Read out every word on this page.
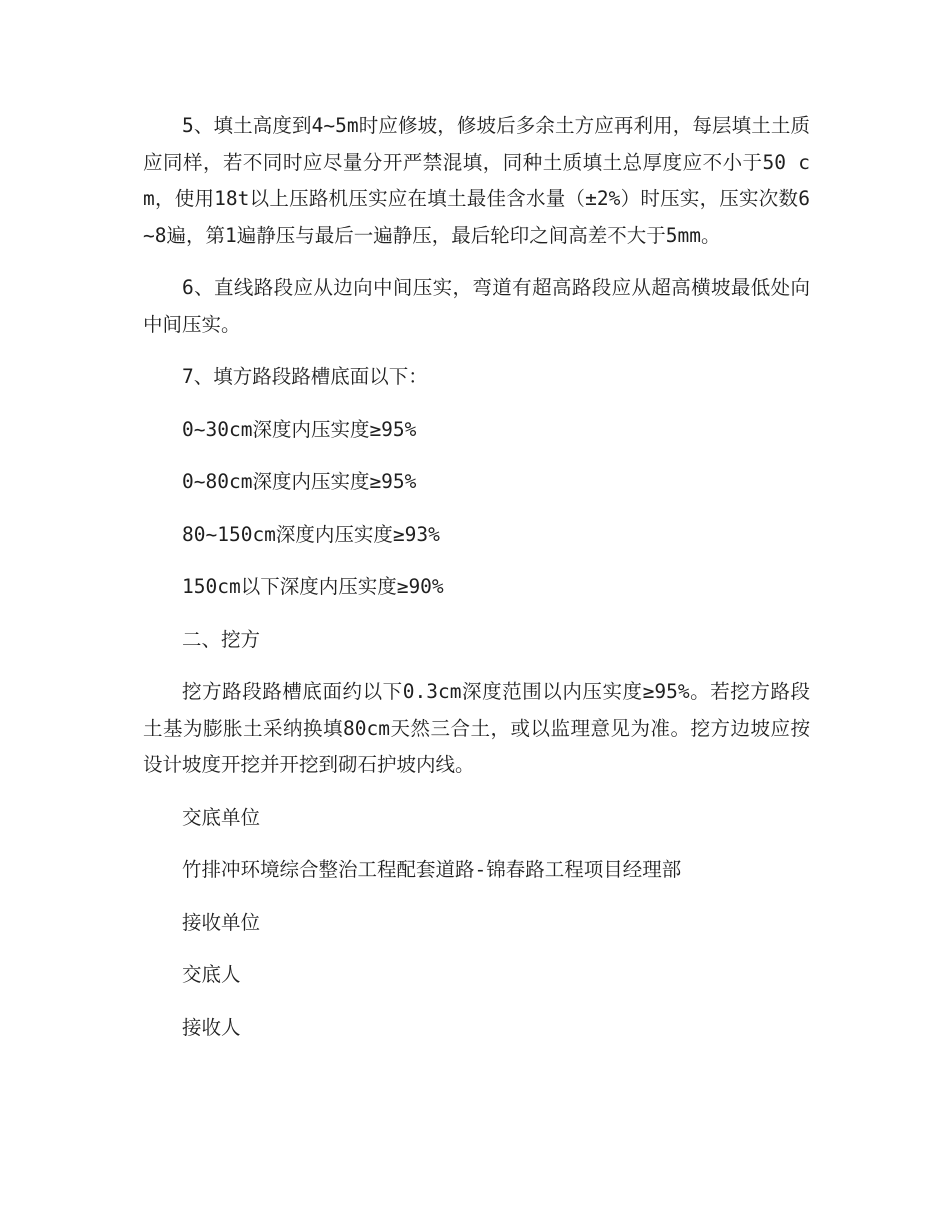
5、填土高度到4~5m时应修坡，修坡后多余土方应再利用，每层填土土质应同样，若不同时应尽量分开严禁混填，同种土质填土总厚度应不小于50 cm，使用18t以上压路机压实应在填土最佳含水量（±2%）时压实，压实次数6~8遍，第1遍静压与最后一遍静压，最后轮印之间高差不大于5mm。

6、直线路段应从边向中间压实，弯道有超高路段应从超高横坡最低处向中间压实。

7、填方路段路槽底面以下：

0~30cm深度内压实度≥95%

0~80cm深度内压实度≥95%

80~150cm深度内压实度≥93%

150cm以下深度内压实度≥90%

二、挖方

挖方路段路槽底面约以下0.3cm深度范围以内压实度≥95%。若挖方路段土基为膨胀土采纳换填80cm天然三合土，或以监理意见为准。挖方边坡应按设计坡度开挖并开挖到砌石护坡内线。

交底单位

竹排冲环境综合整治工程配套道路-锦春路工程项目经理部

接收单位

交底人

接收人
